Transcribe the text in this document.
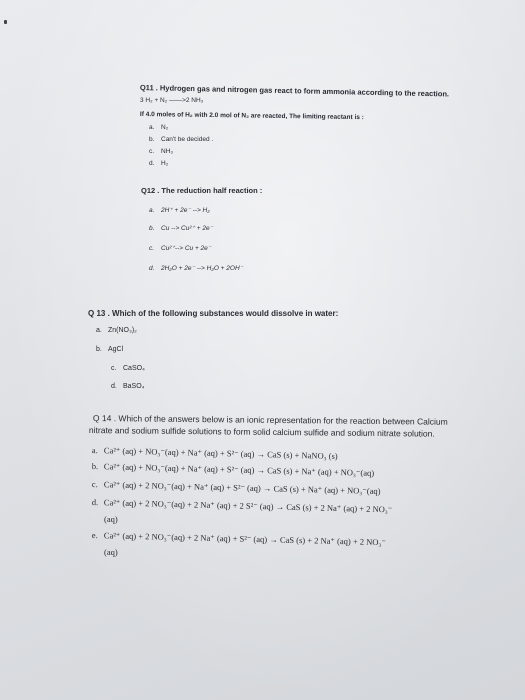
Q11 . Hydrogen gas and nitrogen gas react to form ammonia according to the reaction.
3 H₂ + N₂ ——>2 NH₃
If 4.0 moles of H₂ with 2.0 mol of N₂ are reacted, The limiting reactant is :
a. N₂
b. Can't be decided .
c. NH₃
d. H₂
Q12 . The reduction half reaction :
a. 2H⁺ + 2e⁻ --> H₂
b. Cu --> Cu²⁺ + 2e⁻
c. Cu²⁺--> Cu + 2e⁻
d. 2H₂O + 2e⁻ --> H₂O + 2OH⁻
Q 13 . Which of the following substances would dissolve in water:
a. Zn(NO₃)₂
b. AgCl
c. CaSO₄
d. BaSO₄
Q 14 . Which of the answers below is an ionic representation for the reaction between Calcium
nitrate and sodium sulfide solutions to form solid calcium sulfide and sodium nitrate solution.
a. Ca²⁺ (aq) + NO₃⁻(aq) + Na⁺ (aq) + S²⁻ (aq) → CaS (s) + NaNO₃ (s)
b. Ca²⁺ (aq) + NO₃⁻(aq) + Na⁺ (aq) + S²⁻ (aq) → CaS (s) + Na⁺ (aq) + NO₃⁻(aq)
c. Ca²⁺ (aq) + 2 NO₃⁻(aq) + Na⁺ (aq) + S²⁻ (aq) → CaS (s) + Na⁺ (aq) + NO₃⁻(aq)
d. Ca²⁺ (aq) + 2 NO₃⁻(aq) + 2 Na⁺ (aq) + 2 S²⁻ (aq) → CaS (s) + 2 Na⁺ (aq) + 2 NO₃⁻
(aq)
e. Ca²⁺ (aq) + 2 NO₃⁻(aq) + 2 Na⁺ (aq) + S²⁻ (aq) → CaS (s) + 2 Na⁺ (aq) + 2 NO₃⁻
(aq)
